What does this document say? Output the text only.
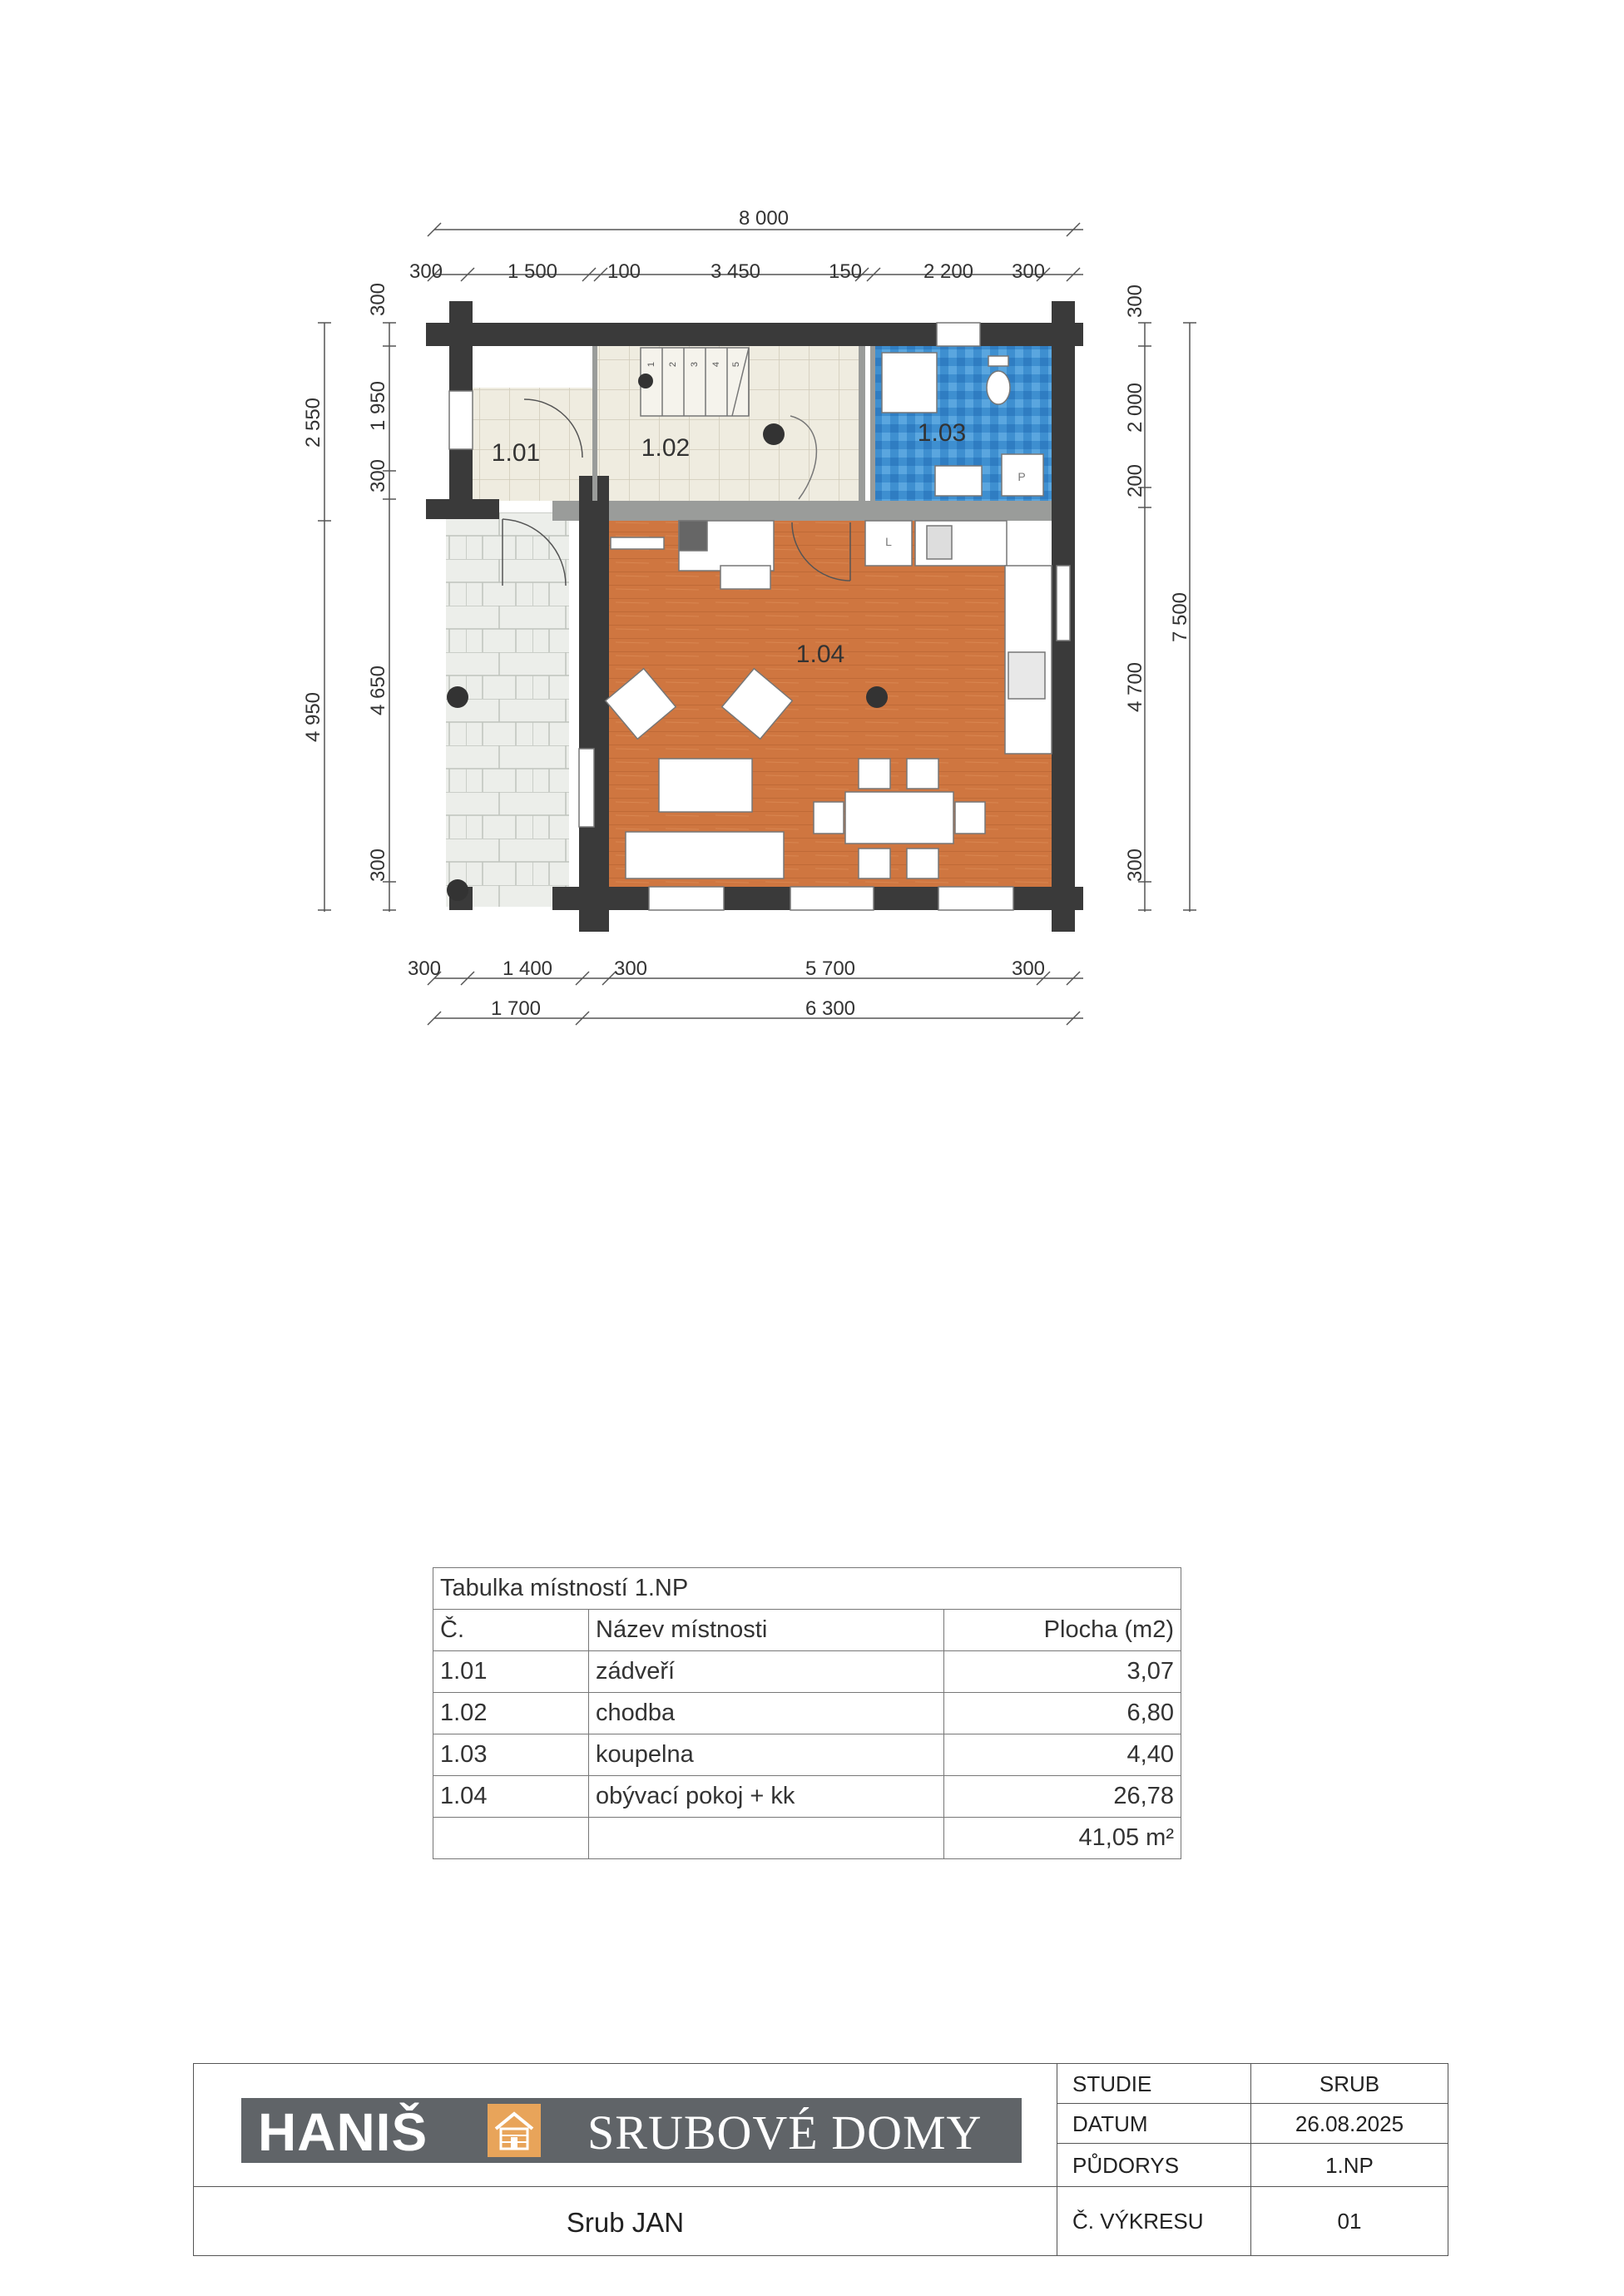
8 000
300	1 500 100	3 450	150	2 200 300
300	1 400	300	5 700	300
1 700	6 300
300
1 950
300
4 650
300
2 550
4 950
300
2 000
200
4 700
300
7 500
1 2 3 4 5
P
L
1.01	1.02
1.03
1.04
Tabulka místností 1.NP		
Č.	Název místnosti	Plocha (m2)
1.01	zádveří	3,07
1.02	chodba	6,80
1.03	koupelna	4,40
1.04	obývací pokoj + kk	26,78
		41,05 m²
HANIŠ	SRUBOVÉ DOMY
Srub JAN
STUDIE	SRUB
DATUM	26.08.2025
PŮDORYS	1.NP
Č. VÝKRESU	01
